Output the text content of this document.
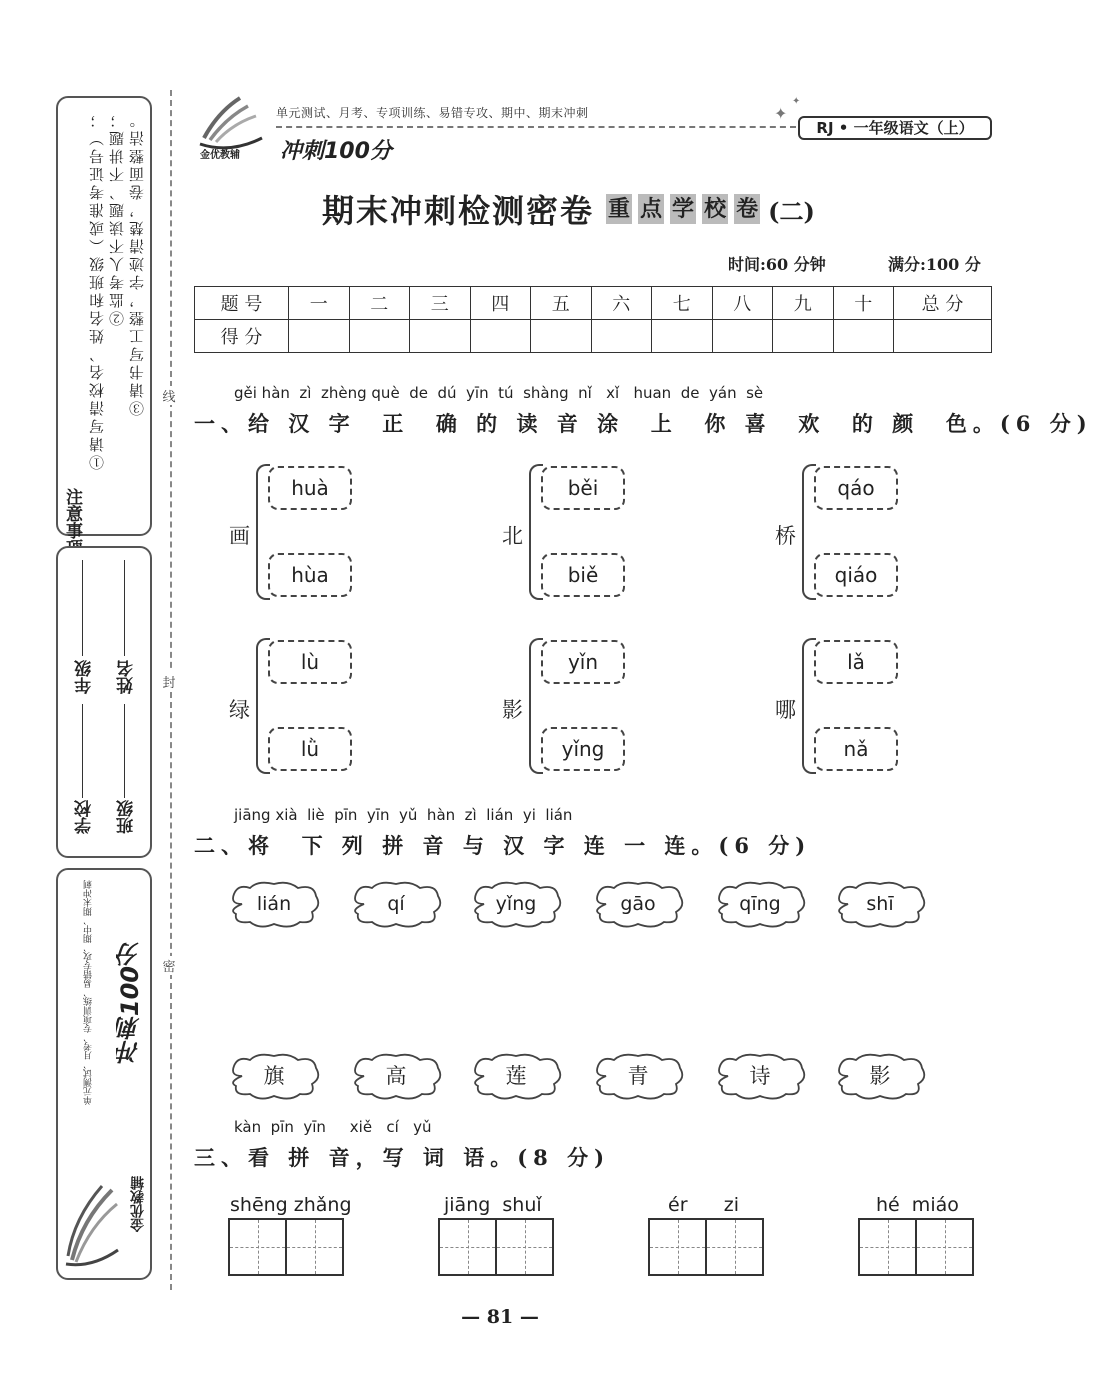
注意事
①请写清校名、姓名和班级（或准考证号）； ②监考人不读题、不讲题； ③请书写工整，字迹清楚，卷面整洁。
学校
年级
班级
姓名
单元测试、月考、专项训练、易错专攻、期中、期末冲刺 冲刺100分
金优教辅
线
封
密
金优教辅
单元测试、月考、专项训练、易错专攻、期中、期末冲刺
冲刺100分
✦
✦
RJ • 一年级语文（上）
期末冲刺检测密卷 重 点 学 校 卷 (二)
时间:60 分钟	满分:100 分
题 号	一	二	三	四	五	六	七	八	九	十	总 分
得 分											
gěi hàn  zì  zhèng què  de  dú  yīn  tú  shàng  nǐ   xǐ   huan  de  yán  sè
一、给 汉 字  正  确 的 读 音 涂  上  你 喜  欢  的 颜  色。(6 分)
画
huà
hùa
北
běi
biě
桥
qáo
qiáo
绿
lù
lǜ
影
yǐn
yǐng
哪
lǎ
nǎ
jiāng xià  liè  pīn  yīn  yǔ  hàn  zì  lián  yi  lián
二、将  下 列 拼 音 与 汉 字 连 一 连。(6 分)
lián	qí	yǐng	gāo	qīng	shī
旗	高	莲	青	诗	影
kàn  pīn  yīn     xiě   cí   yǔ
三、看 拼 音，写 词 语。(8 分)
shēng zhǎng	jiāng  shuǐ	ér      zi	hé  miáo
— 81 —
